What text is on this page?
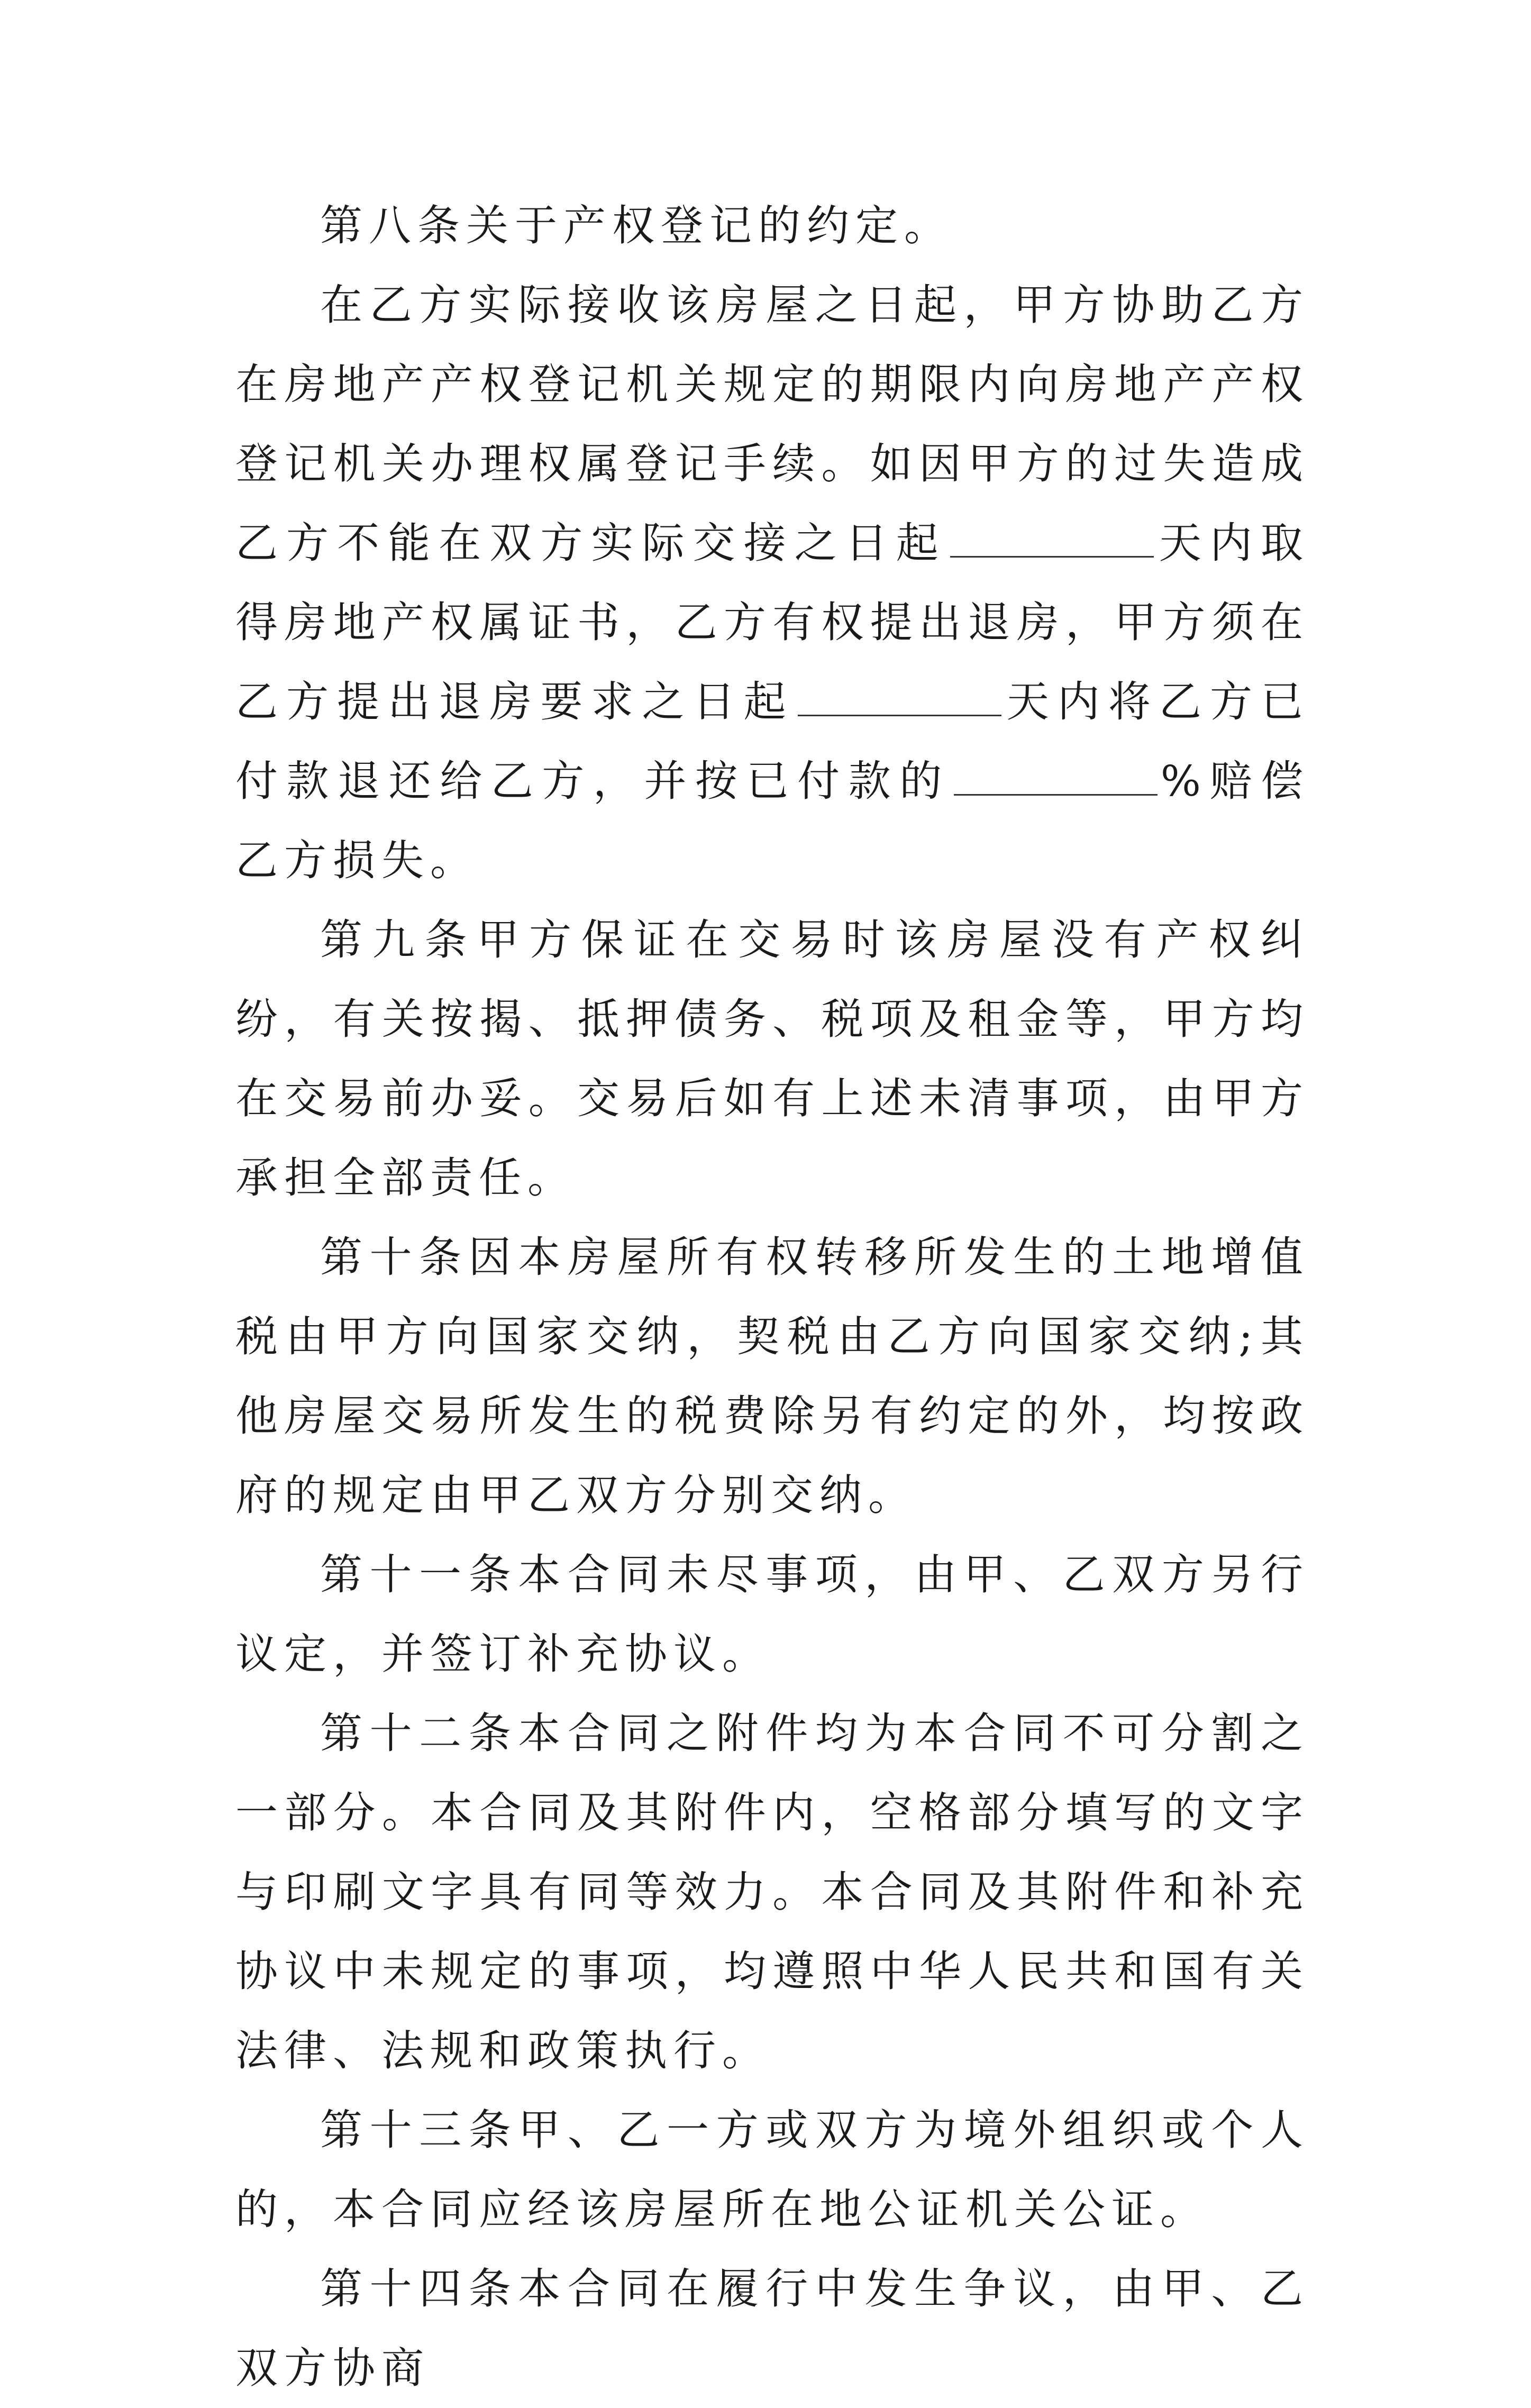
第八条关于产权登记的约定。

在乙方实际接收该房屋之日起，甲方协助乙方在房地产产权登记机关规定的期限内向房地产产权登记机关办理权属登记手续。如因甲方的过失造成乙方不能在双方实际交接之日起	天内取得房地产权属证书，乙方有权提出退房，甲方须在乙方提出退房要求之日起	天内将乙方已付款退还给乙方，并按已付款的	%赔偿乙方损失。

第九条甲方保证在交易时该房屋没有产权纠纷，有关按揭、抵押债务、税项及租金等，甲方均在交易前办妥。交易后如有上述未清事项，由甲方承担全部责任。

第十条因本房屋所有权转移所发生的土地增值税由甲方向国家交纳，契税由乙方向国家交纳;其他房屋交易所发生的税费除另有约定的外，均按政府的规定由甲乙双方分别交纳。

第十一条本合同未尽事项，由甲、乙双方另行议定，并签订补充协议。

第十二条本合同之附件均为本合同不可分割之一部分。本合同及其附件内，空格部分填写的文字与印刷文字具有同等效力。本合同及其附件和补充协议中未规定的事项，均遵照中华人民共和国有关法律、法规和政策执行。

第十三条甲、乙一方或双方为境外组织或个人的，本合同应经该房屋所在地公证机关公证。

第十四条本合同在履行中发生争议，由甲、乙双方协商
